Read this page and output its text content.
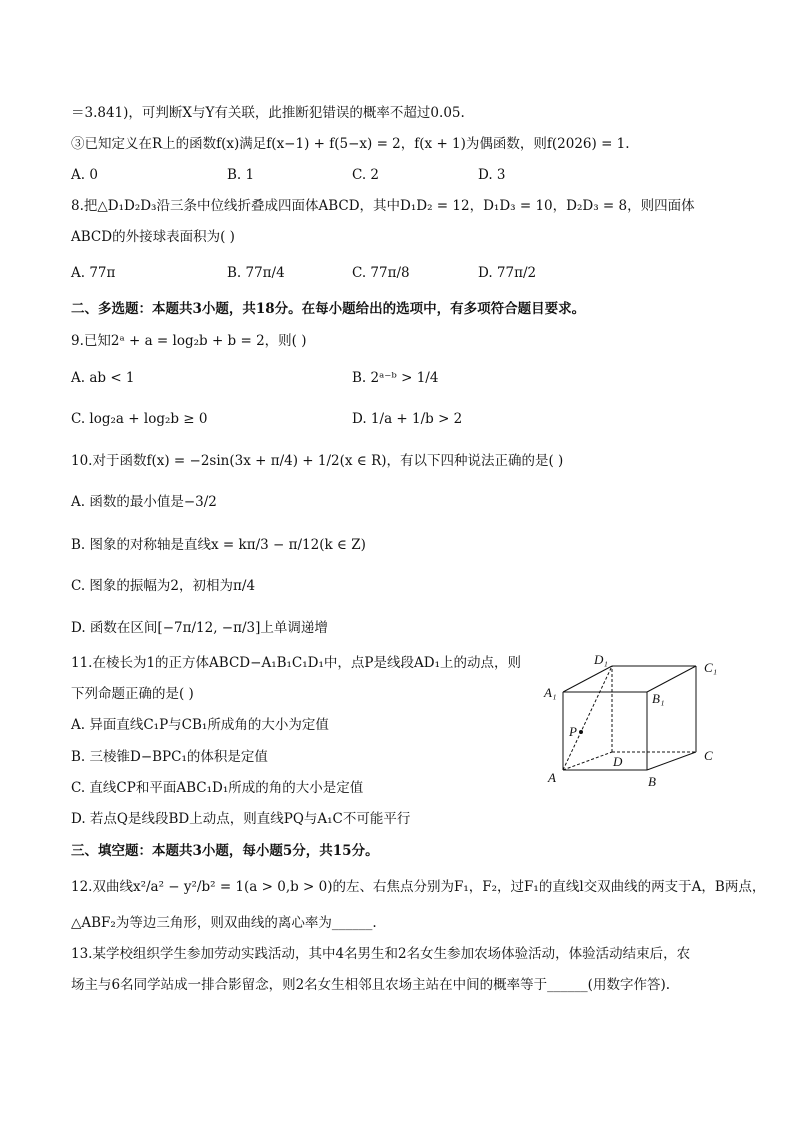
＝3.841)，可判断X与Y有关联，此推断犯错误的概率不超过0.05.
③已知定义在R上的函数f(x)满足f(x−1) + f(5−x) = 2，f(x + 1)为偶函数，则f(2026) = 1.
A. 0	B. 1	C. 2	D. 3
8.把△D₁D₂D₃沿三条中位线折叠成四面体ABCD，其中D₁D₂ = 12，D₁D₃ = 10，D₂D₃ = 8，则四面体
ABCD的外接球表面积为( )
A. 77π	B. 77π/4	C. 77π/8	D. 77π/2
二、多选题：本题共3小题，共18分。在每小题给出的选项中，有多项符合题目要求。
9.已知2ᵃ + a = log₂b + b = 2，则( )
A. ab < 1	B. 2ᵃ⁻ᵇ > 1/4
C. log₂a + log₂b ≥ 0	D. 1/a + 1/b > 2
10.对于函数f(x) = −2sin(3x + π/4) + 1/2(x ∈ R)，有以下四种说法正确的是( )
A. 函数的最小值是−3/2
B. 图象的对称轴是直线x = kπ/3 − π/12(k ∈ Z)
C. 图象的振幅为2，初相为π/4
D. 函数在区间[−7π/12, −π/3]上单调递增
11.在棱长为1的正方体ABCD−A₁B₁C₁D₁中，点P是线段AD₁上的动点，则
下列命题正确的是( )
A. 异面直线C₁P与CB₁所成角的大小为定值
B. 三棱锥D−BPC₁的体积是定值
C. 直线CP和平面ABC₁D₁所成的角的大小是定值
D. 若点Q是线段BD上动点，则直线PQ与A₁C不可能平行
D₁
C₁
A₁	B₁
P
D	C
A	B
三、填空题：本题共3小题，每小题5分，共15分。
12.双曲线x²/a² − y²/b² = 1(a > 0,b > 0)的左、右焦点分别为F₁，F₂，过F₁的直线l交双曲线的两支于A，B两点，
△ABF₂为等边三角形，则双曲线的离心率为______.
13.某学校组织学生参加劳动实践活动，其中4名男生和2名女生参加农场体验活动，体验活动结束后，农
场主与6名同学站成一排合影留念，则2名女生相邻且农场主站在中间的概率等于______(用数字作答).
